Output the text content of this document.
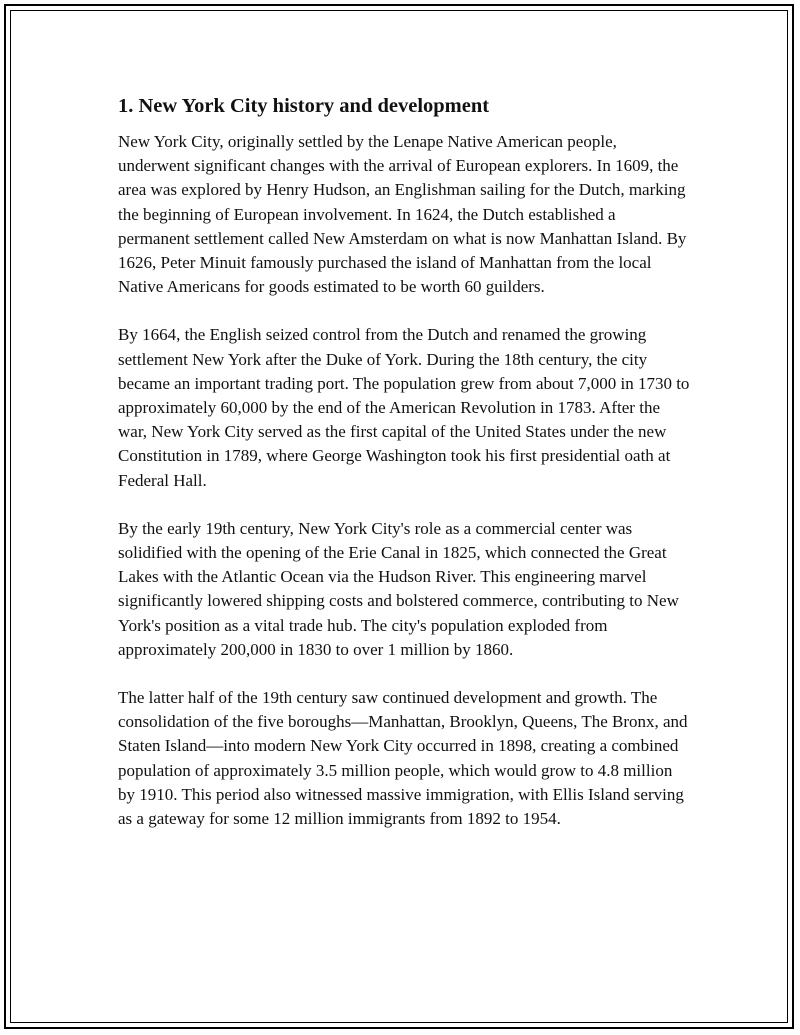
1. New York City history and development

New York City, originally settled by the Lenape Native American people, underwent significant changes with the arrival of European explorers. In 1609, the area was explored by Henry Hudson, an Englishman sailing for the Dutch, marking the beginning of European involvement. In 1624, the Dutch established a permanent settlement called New Amsterdam on what is now Manhattan Island. By 1626, Peter Minuit famously purchased the island of Manhattan from the local Native Americans for goods estimated to be worth 60 guilders.

By 1664, the English seized control from the Dutch and renamed the growing settlement New York after the Duke of York. During the 18th century, the city became an important trading port. The population grew from about 7,000 in 1730 to approximately 60,000 by the end of the American Revolution in 1783. After the war, New York City served as the first capital of the United States under the new Constitution in 1789, where George Washington took his first presidential oath at Federal Hall.

By the early 19th century, New York City's role as a commercial center was solidified with the opening of the Erie Canal in 1825, which connected the Great Lakes with the Atlantic Ocean via the Hudson River. This engineering marvel significantly lowered shipping costs and bolstered commerce, contributing to New York's position as a vital trade hub. The city's population exploded from approximately 200,000 in 1830 to over 1 million by 1860.

The latter half of the 19th century saw continued development and growth. The consolidation of the five boroughs—Manhattan, Brooklyn, Queens, The Bronx, and Staten Island—into modern New York City occurred in 1898, creating a combined population of approximately 3.5 million people, which would grow to 4.8 million by 1910. This period also witnessed massive immigration, with Ellis Island serving as a gateway for some 12 million immigrants from 1892 to 1954.
